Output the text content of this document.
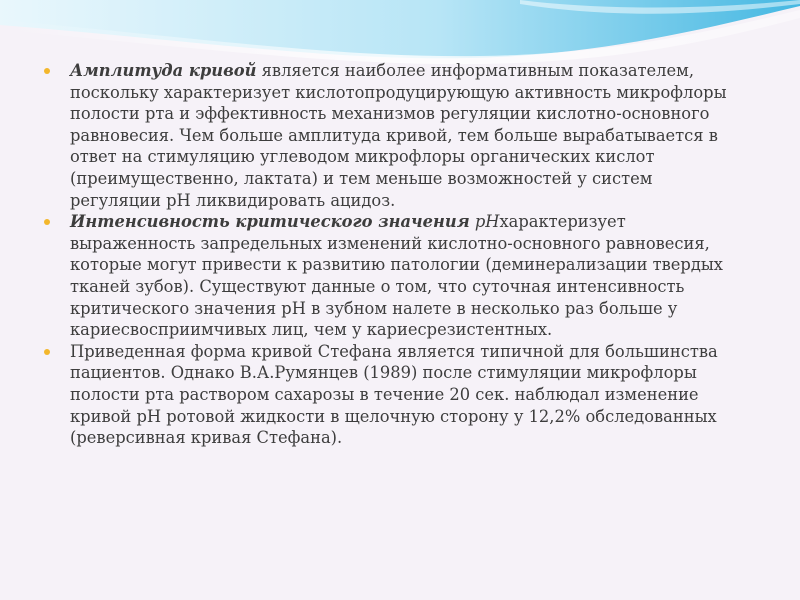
Амплитуда кривой является наиболее информативным показателем, поскольку характеризует кислотопродуцирующую активность микрофлоры полости рта и эффективность механизмов регуляции кислотно-основного равновесия. Чем больше амплитуда кривой, тем больше вырабатывается в ответ на стимуляцию углеводом микрофлоры органических кислот (преимущественно, лактата) и тем меньше возможностей у систем регуляции pH ликвидировать ацидоз.
Интенсивность критического значения pHхарактеризует выраженность запредельных изменений кислотно-основного равновесия, которые могут привести к развитию патологии (деминерализации твердых тканей зубов). Существуют данные о том, что суточная интенсивность критического значения pH в зубном налете в несколько раз больше у кариесвосприимчивых лиц, чем у кариесрезистентных.
Приведенная форма кривой Стефана является типичной для большинства пациентов. Однако В.А.Румянцев (1989) после стимуляции микрофлоры полости рта раствором сахарозы в течение 20 сек. наблюдал изменение кривой pH ротовой жидкости в щелочную сторону у 12,2% обследованных (реверсивная кривая Стефана).
